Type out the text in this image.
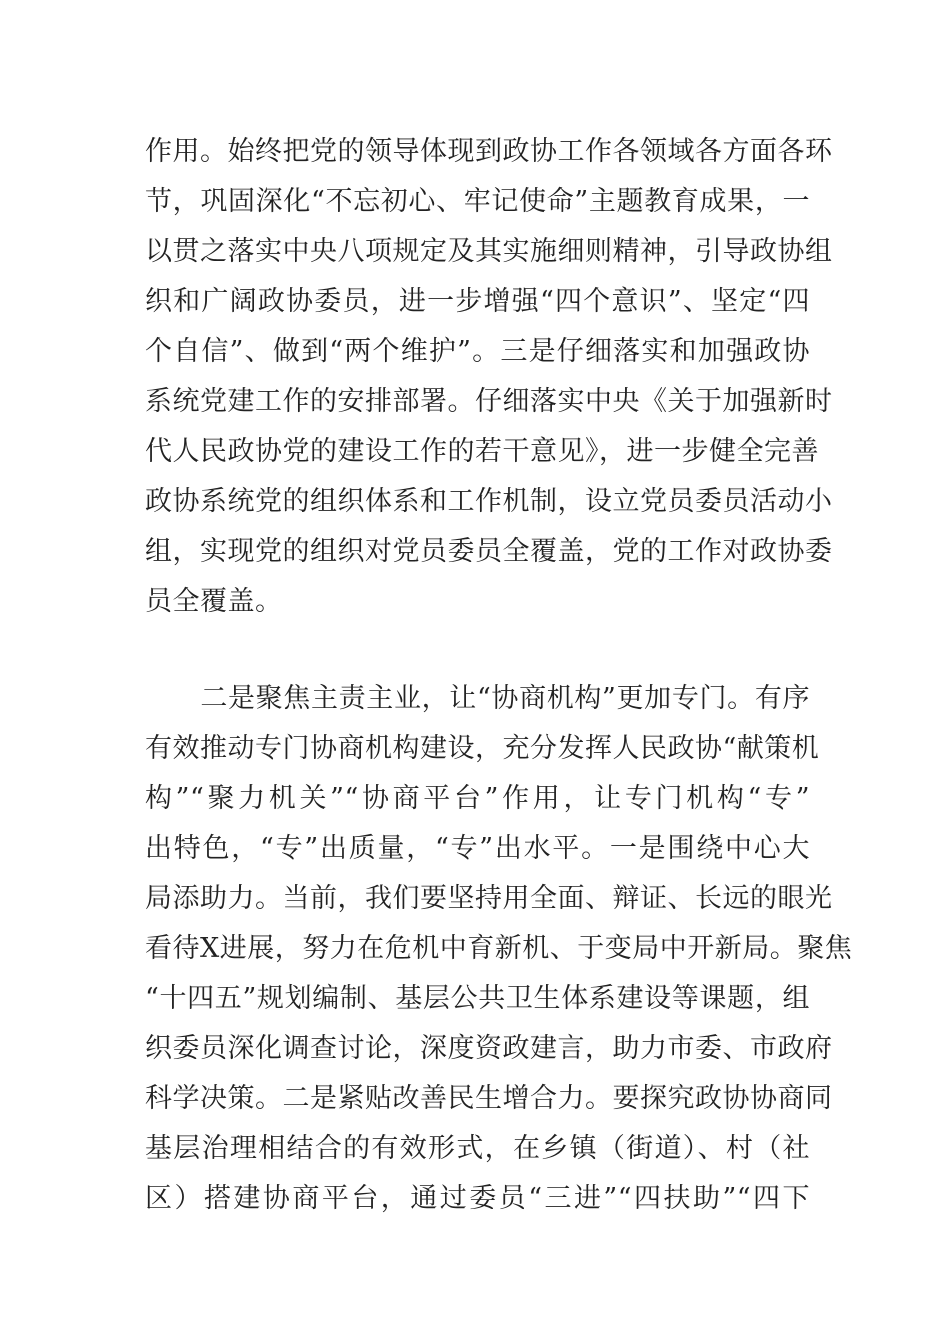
作用。始终把党的领导体现到政协工作各领域各方面各环
节，巩固深化“不忘初心、牢记使命”主题教育成果，一
以贯之落实中央八项规定及其实施细则精神，引导政协组
织和广阔政协委员，进一步增强“四个意识”、坚定“四
个自信”、做到“两个维护”。三是仔细落实和加强政协
系统党建工作的安排部署。仔细落实中央《关于加强新时
代人民政协党的建设工作的若干意见》，进一步健全完善
政协系统党的组织体系和工作机制，设立党员委员活动小
组，实现党的组织对党员委员全覆盖，党的工作对政协委
员全覆盖。
　　二是聚焦主责主业，让“协商机构”更加专门。有序
有效推动专门协商机构建设，充分发挥人民政协“献策机
构”“聚力机关”“协商平台”作用，让专门机构“专”
出特色，“专”出质量，“专”出水平。一是围绕中心大
局添助力。当前，我们要坚持用全面、辩证、长远的眼光
看待X进展，努力在危机中育新机、于变局中开新局。聚焦
“十四五”规划编制、基层公共卫生体系建设等课题，组
织委员深化调查讨论，深度资政建言，助力市委、市政府
科学决策。二是紧贴改善民生增合力。要探究政协协商同
基层治理相结合的有效形式，在乡镇（街道）、村（社
区）搭建协商平台，通过委员“三进”“四扶助”“四下
